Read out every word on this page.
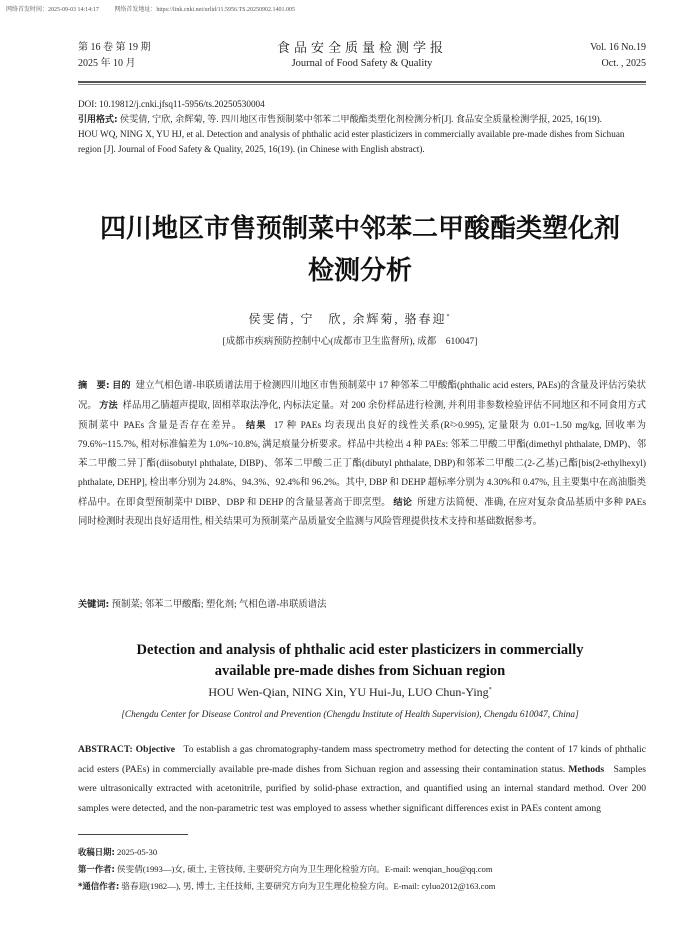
网络首发时间：2025-09-03 14:14:17	网络首发地址：https://link.cnki.net/urlid/11.5956.TS.20250902.1401.005
第 16 卷 第 19 期
2025 年 10 月
食品安全质量检测学报
Journal of Food Safety & Quality
Vol. 16 No.19
Oct. , 2025
DOI: 10.19812/j.cnki.jfsq11-5956/ts.20250530004
引用格式: 侯雯倩, 宁欣, 余辉菊, 等. 四川地区市售预制菜中邻苯二甲酸酯类塑化剂检测分析[J]. 食品安全质量检测学报, 2025, 16(19).
HOU WQ, NING X, YU HJ, et al. Detection and analysis of phthalic acid ester plasticizers in commercially available pre-made dishes from Sichuan region [J]. Journal of Food Safety & Quality, 2025, 16(19). (in Chinese with English abstract).
四川地区市售预制菜中邻苯二甲酸酯类塑化剂
检测分析
侯雯倩, 宁　欣, 余辉菊, 骆春迎*
[成都市疾病预防控制中心(成都市卫生监督所), 成都　610047]
摘　要: 目的 建立气相色谱-串联质谱法用于检测四川地区市售预制菜中 17 种邻苯二甲酸酯(phthalic acid esters, PAEs)的含量及评估污染状况。 方法 样品用乙腈超声提取, 固相萃取法净化, 内标法定量。对 200 余份样品进行检测, 并利用非参数检验评估不同地区和不同食用方式预制菜中 PAEs 含量是否存在差异。 结果 17 种 PAEs 均表现出良好的线性关系(R²>0.995), 定量限为 0.01~1.50 mg/kg, 回收率为 79.6%~115.7%, 相对标准偏差为 1.0%~10.8%, 满足痕量分析要求。样品中共检出 4 种 PAEs: 邻苯二甲酸二甲酯(dimethyl phthalate, DMP)、邻苯二甲酸二异丁酯(diisobutyl phthalate, DIBP)、邻苯二甲酸二正丁酯(dibutyl phthalate, DBP)和邻苯二甲酸二(2-乙基)己酯[bis(2-ethylhexyl) phthalate, DEHP], 检出率分别为 24.8%、94.3%、92.4%和 96.2%。其中, DBP 和 DEHP 超标率分别为 4.30%和 0.47%, 且主要集中在高油脂类样品中。在即食型预制菜中 DIBP、DBP 和 DEHP 的含量显著高于即烹型。 结论 所建方法简便、准确, 在应对复杂食品基质中多种 PAEs 同时检测时表现出良好适用性, 相关结果可为预制菜产品质量安全监测与风险管理提供技术支持和基础数据参考。
关键词: 预制菜; 邻苯二甲酸酯; 塑化剂; 气相色谱-串联质谱法
Detection and analysis of phthalic acid ester plasticizers in commercially
available pre-made dishes from Sichuan region
HOU Wen-Qian, NING Xin, YU Hui-Ju, LUO Chun-Ying*
[Chengdu Center for Disease Control and Prevention (Chengdu Institute of Health Supervision), Chengdu 610047, China]
ABSTRACT: Objective To establish a gas chromatography-tandem mass spectrometry method for detecting the content of 17 kinds of phthalic acid esters (PAEs) in commercially available pre-made dishes from Sichuan region and assessing their contamination status. Methods Samples were ultrasonically extracted with acetonitrile, purified by solid-phase extraction, and quantified using an internal standard method. Over 200 samples were detected, and the non-parametric test was employed to assess whether significant differences exist in PAEs content among
收稿日期: 2025-05-30
第一作者: 侯雯倩(1993—)女, 硕士, 主管技师, 主要研究方向为卫生理化检验方向。E-mail: wenqian_hou@qq.com
*通信作者: 骆春迎(1982—), 男, 博士, 主任技师, 主要研究方向为卫生理化检验方向。E-mail: cyluo2012@163.com
